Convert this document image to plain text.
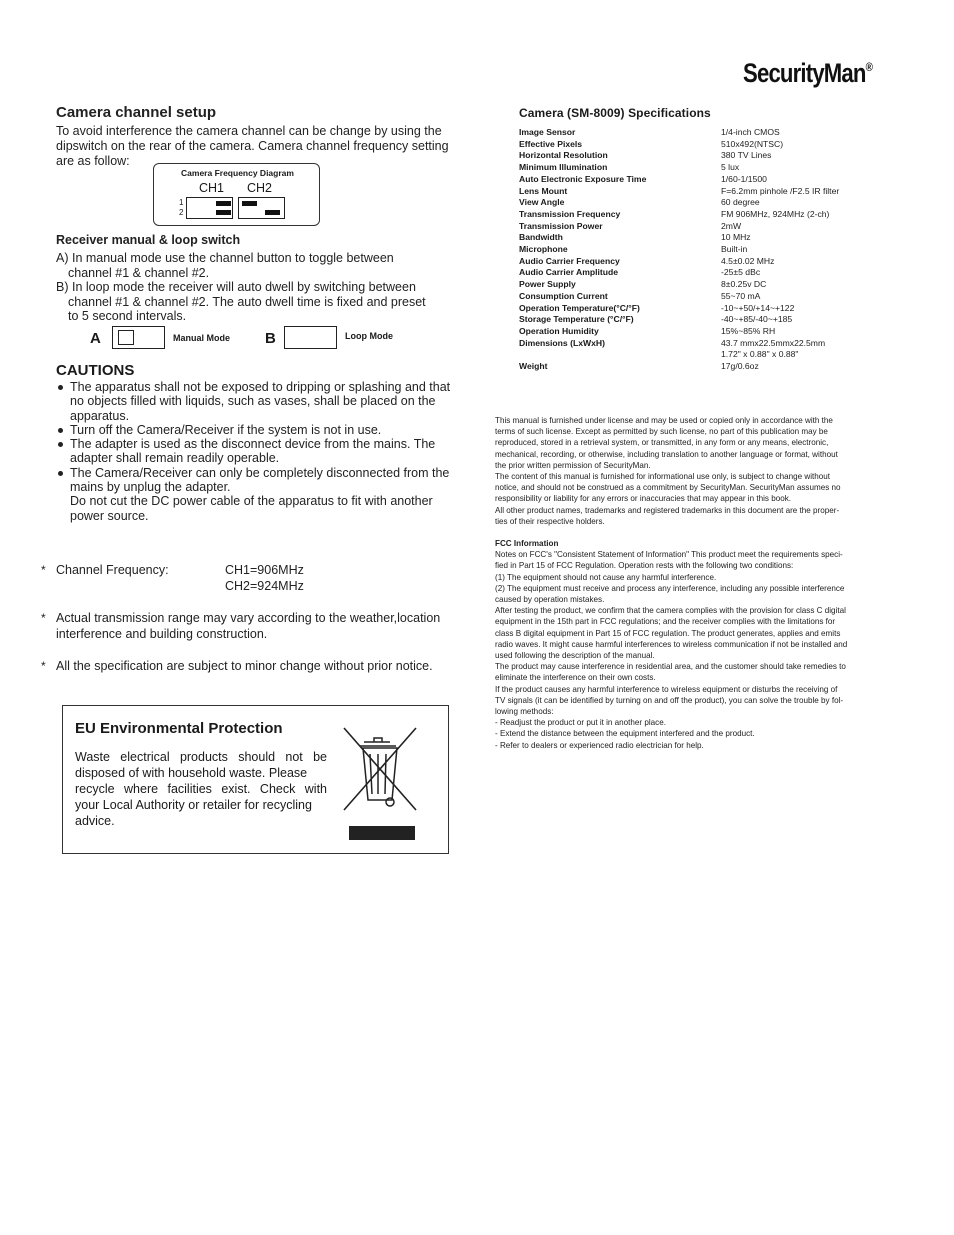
SecurityMan®
Camera channel setup
To avoid interference the camera channel can be change by using the
dipswitch on the rear of the camera. Camera channel frequency setting
are as follow:
Camera Frequency Diagram
CH1 CH2
1
2
Receiver manual & loop switch
A) In manual mode use the channel button to toggle between
channel #1 & channel #2.
B) In loop mode the receiver will auto dwell by switching between
channel #1 & channel #2. The auto dwell time is fixed and preset
to 5 second intervals.
A	Manual Mode B	Loop Mode
CAUTIONS
The apparatus shall not be exposed to dripping or splashing and that
no objects filled with liquids, such as vases, shall be placed on the
apparatus.
Turn off the Camera/Receiver if the system is not in use.
The adapter is used as the disconnect device from the mains. The
adapter shall remain readily operable.
The Camera/Receiver can only be completely disconnected from the
mains by unplug the adapter.
Do not cut the DC power cable of the apparatus to fit with another
power source.
* Channel Frequency:	CH1=906MHz
CH2=924MHz
* Actual transmission range may vary according to the weather,location
interference and building construction.
* All the specification are subject to minor change without prior notice.
EU Environmental Protection
Waste electrical products should not be
disposed of with household waste. Please
recycle where facilities exist. Check with
your Local Authority or retailer for recycling
advice.
Camera (SM-8009) Specifications
Image Sensor	1/4-inch CMOS
Effective Pixels	510x492(NTSC)
Horizontal Resolution	380 TV Lines
Minimum Illumination	5 lux
Auto Electronic Exposure Time	1/60-1/1500
Lens Mount	F=6.2mm pinhole /F2.5 IR filter
View Angle	60 degree
Transmission Frequency	FM 906MHz, 924MHz (2-ch)
Transmission Power	2mW
Bandwidth	10 MHz
Microphone	Built-in
Audio Carrier Frequency	4.5±0.02 MHz
Audio Carrier Amplitude	-25±5 dBc
Power Supply	8±0.25v DC
Consumption Current	55~70 mA
Operation Temperature(°C/°F)	-10~+50/+14~+122
Storage Temperature (°C/°F)	-40~+85/-40~+185
Operation Humidity	15%~85% RH
Dimensions (LxWxH)	43.7 mmx22.5mmx22.5mm
	1.72" x 0.88" x 0.88"
Weight	17g/0.6oz
This manual is furnished under license and may be used or copied only in accordance with the
terms of such license. Except as permitted by such license, no part of this publication may be
reproduced, stored in a retrieval system, or transmitted, in any form or any means, electronic,
mechanical, recording, or otherwise, including translation to another language or format, without
the prior written permission of SecurityMan.
The content of this manual is furnished for informational use only, is subject to change without
notice, and should not be construed as a commitment by SecurityMan. SecurityMan assumes no
responsibility or liability for any errors or inaccuracies that may appear in this book.
All other product names, trademarks and registered trademarks in this document are the proper-
ties of their respective holders.
FCC Information
Notes on FCC's "Consistent Statement of Information" This product meet the requirements speci-
fied in Part 15 of FCC Regulation. Operation rests with the following two conditions:
(1) The equipment should not cause any harmful interference.
(2) The equipment must receive and process any interference, including any possible interference
caused by operation mistakes.
After testing the product, we confirm that the camera complies with the provision for class C digital
equipment in the 15th part in FCC regulations; and the receiver complies with the limitations for
class B digital equipment in Part 15 of FCC regulation. The product generates, applies and emits
radio waves. It might cause harmful interferences to wireless communication if not be installed and
used following the description of the manual.
The product may cause interference in residential area, and the customer should take remedies to
eliminate the interference on their own costs.
If the product causes any harmful interference to wireless equipment or disturbs the receiving of
TV signals (it can be identified by turning on and off the product), you can solve the trouble by fol-
lowing methods:
- Readjust the product or put it in another place.
- Extend the distance between the equipment interfered and the product.
- Refer to dealers or experienced radio electrician for help.
